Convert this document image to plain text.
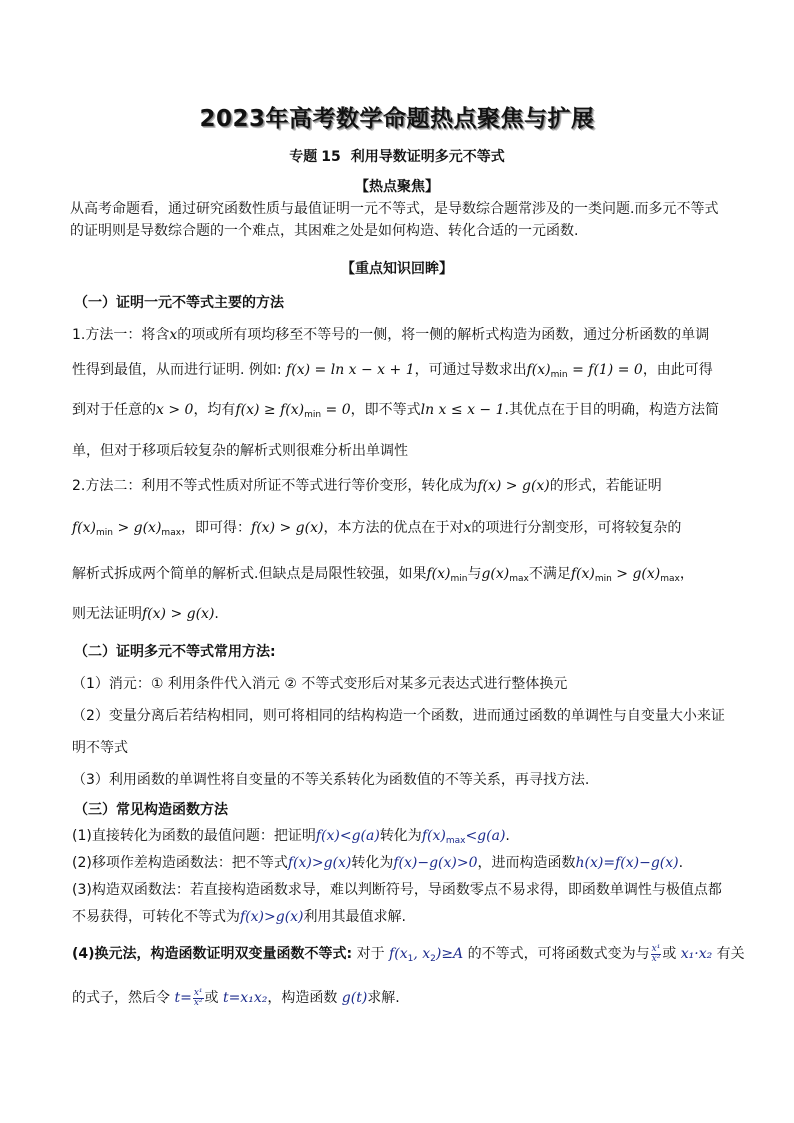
2023年高考数学命题热点聚焦与扩展
专题 15 利用导数证明多元不等式
【热点聚焦】
从高考命题看，通过研究函数性质与最值证明一元不等式，是导数综合题常涉及的一类问题.而多元不等式的证明则是导数综合题的一个难点，其困难之处是如何构造、转化合适的一元函数.
【重点知识回眸】
（一）证明一元不等式主要的方法
1.方法一：将含x的项或所有项均移至不等号的一侧，将一侧的解析式构造为函数，通过分析函数的单调
性得到最值，从而进行证明. 例如: f(x) = ln x − x + 1，可通过导数求出$f(x)_{min} = f(1) = 0$，由此可得
到对于任意的x > 0，均有$f(x) \ge f(x)_{min} = 0$，即不等式ln x ≤ x − 1.其优点在于目的明确，构造方法简
单，但对于移项后较复杂的解析式则很难分析出单调性
2.方法二：利用不等式性质对所证不等式进行等价变形，转化成为f(x) > g(x)的形式，若能证明
$f(x)_{min} > g(x)_{max}$，即可得：f(x) > g(x)，本方法的优点在于对x的项进行分割变形，可将较复杂的
解析式拆成两个简单的解析式.但缺点是局限性较强，如果$f(x)_{min}$与$g(x)_{max}$不满足$f(x)_{min} > g(x)_{max}$，
则无法证明f(x) > g(x).
（二）证明多元不等式常用方法:
（1）消元：① 利用条件代入消元 ② 不等式变形后对某多元表达式进行整体换元
（2）变量分离后若结构相同，则可将相同的结构构造一个函数，进而通过函数的单调性与自变量大小来证
明不等式
（3）利用函数的单调性将自变量的不等关系转化为函数值的不等关系，再寻找方法.
（三）常见构造函数方法
(1)直接转化为函数的最值问题：把证明f(x)<g(a)转化为$f(x)_{max}<g(a)$.
(2)移项作差构造函数法：把不等式f(x)>g(x)转化为f(x)−g(x)>0，进而构造函数h(x)=f(x)−g(x).
(3)构造双函数法：若直接构造函数求导，难以判断符号，导函数零点不易求得，即函数单调性与极值点都
不易获得，可转化不等式为f(x)>g(x)利用其最值求解.
(4)换元法，构造函数证明双变量函数不等式: 对于 $f(x_1$, $x_2)\ge A$ 的不等式，可将函数式变为与 $\frac{\text{x¹}}{\text{x²}}$ 或 x₁·x₂ 有关
的式子，然后令 $t= \frac{\text{x¹}}{\text{x²}}$ 或 t=x₁x₂，构造函数 g(t)求解.
